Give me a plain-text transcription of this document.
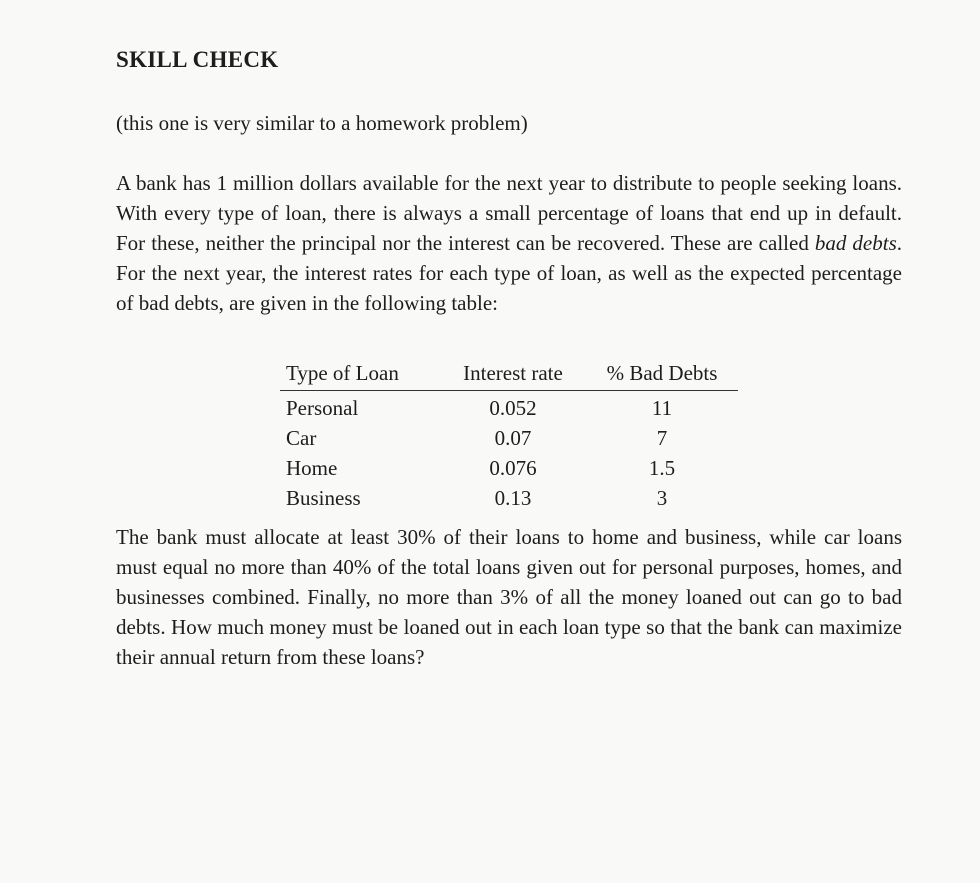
SKILL CHECK

(this one is very similar to a homework problem)

A bank has 1 million dollars available for the next year to distribute to people seeking loans. With every type of loan, there is always a small percentage of loans that end up in default. For these, neither the principal nor the interest can be recovered. These are called bad debts. For the next year, the interest rates for each type of loan, as well as the expected percentage of bad debts, are given in the following table:

Type of Loan	Interest rate	% Bad Debts
Personal	0.052	11
Car	0.07	7
Home	0.076	1.5
Business	0.13	3

The bank must allocate at least 30% of their loans to home and business, while car loans must equal no more than 40% of the total loans given out for personal purposes, homes, and businesses combined. Finally, no more than 3% of all the money loaned out can go to bad debts. How much money must be loaned out in each loan type so that the bank can maximize their annual return from these loans?
